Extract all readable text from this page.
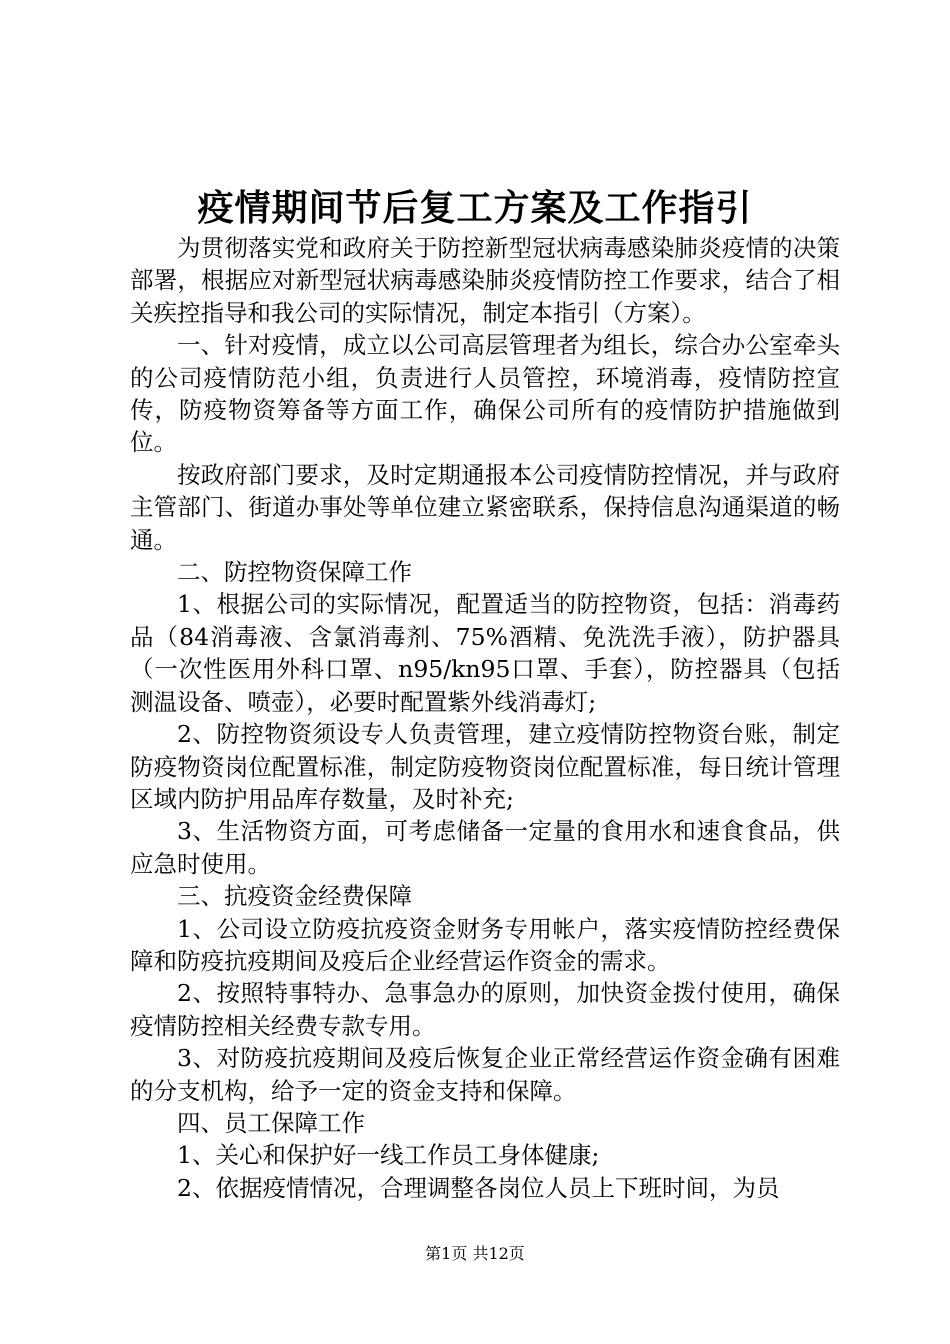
疫情期间节后复工方案及工作指引

为贯彻落实党和政府关于防控新型冠状病毒感染肺炎疫情的决策部署，根据应对新型冠状病毒感染肺炎疫情防控工作要求，结合了相关疾控指导和我公司的实际情况，制定本指引（方案）。

一、针对疫情，成立以公司高层管理者为组长，综合办公室牵头的公司疫情防范小组，负责进行人员管控，环境消毒，疫情防控宣传，防疫物资筹备等方面工作，确保公司所有的疫情防护措施做到位。

按政府部门要求，及时定期通报本公司疫情防控情况，并与政府主管部门、街道办事处等单位建立紧密联系，保持信息沟通渠道的畅通。

二、防控物资保障工作

1、根据公司的实际情况，配置适当的防控物资，包括：消毒药品（84消毒液、含氯消毒剂、75%酒精、免洗洗手液），防护器具（一次性医用外科口罩、n95/kn95口罩、手套），防控器具（包括测温设备、喷壶），必要时配置紫外线消毒灯;

2、防控物资须设专人负责管理，建立疫情防控物资台账，制定防疫物资岗位配置标准，制定防疫物资岗位配置标准，每日统计管理区域内防护用品库存数量，及时补充;

3、生活物资方面，可考虑储备一定量的食用水和速食食品，供应急时使用。

三、抗疫资金经费保障

1、公司设立防疫抗疫资金财务专用帐户，落实疫情防控经费保障和防疫抗疫期间及疫后企业经营运作资金的需求。

2、按照特事特办、急事急办的原则，加快资金拨付使用，确保疫情防控相关经费专款专用。

3、对防疫抗疫期间及疫后恢复企业正常经营运作资金确有困难的分支机构，给予一定的资金支持和保障。

四、员工保障工作

1、关心和保护好一线工作员工身体健康;

2、依据疫情情况，合理调整各岗位人员上下班时间，为员

第1页 共12页
